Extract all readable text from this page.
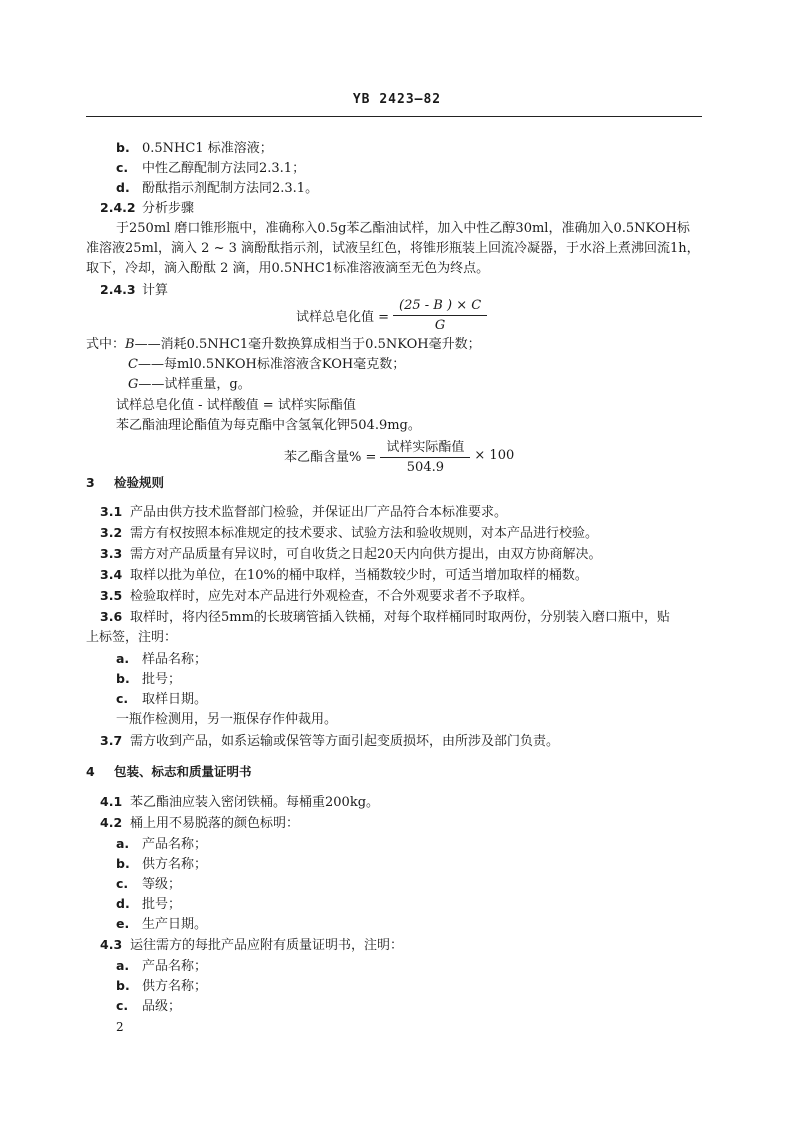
YB 2423—82
b. 0.5NHC1 标准溶液；
c. 中性乙醇配制方法同2.3.1；
d. 酚酞指示剂配制方法同2.3.1。
2.4.2 分析步骤
于250ml 磨口锥形瓶中，准确称入0.5g苯乙酯油试样，加入中性乙醇30ml，准确加入0.5NKOH标
准溶液25ml，滴入 2 ~ 3 滴酚酞指示剂，试液呈红色，将锥形瓶装上回流冷凝器，于水浴上煮沸回流1h，
取下，冷却，滴入酚酞 2 滴，用0.5NHC1标准溶液滴至无色为终点。
2.4.3 计算
试样总皂化值 = $\frac{(25 - B ) \times C}{G}$
式中：B——消耗0.5NHC1毫升数换算成相当于0.5NKOH毫升数；
C——每ml0.5NKOH标准溶液含KOH毫克数；
G——试样重量，g。
试样总皂化值 - 试样酸值 = 试样实际酯值
苯乙酯油理论酯值为每克酯中含氢氧化钾504.9mg。
苯乙酯含量% = $\frac{\text{试样实际酯值}}{504.9} \times 100$
3 检验规则
3.1 产品由供方技术监督部门检验，并保证出厂产品符合本标准要求。
3.2 需方有权按照本标准规定的技术要求、试验方法和验收规则，对本产品进行校验。
3.3 需方对产品质量有异议时，可自收货之日起20天内向供方提出，由双方协商解决。
3.4 取样以批为单位，在10%的桶中取样，当桶数较少时，可适当增加取样的桶数。
3.5 检验取样时，应先对本产品进行外观检查，不合外观要求者不予取样。
3.6 取样时，将内径5mm的长玻璃管插入铁桶，对每个取样桶同时取两份，分别装入磨口瓶中，贴
上标签，注明：
a. 样品名称；
b. 批号；
c. 取样日期。
一瓶作检测用，另一瓶保存作仲裁用。
3.7 需方收到产品，如系运输或保管等方面引起变质损坏，由所涉及部门负责。
4 包装、标志和质量证明书
4.1 苯乙酯油应装入密闭铁桶。每桶重200kg。
4.2 桶上用不易脱落的颜色标明：
a. 产品名称；
b. 供方名称；
c. 等级；
d. 批号；
e. 生产日期。
4.3 运往需方的每批产品应附有质量证明书，注明：
a. 产品名称；
b. 供方名称；
c. 品级；
2
